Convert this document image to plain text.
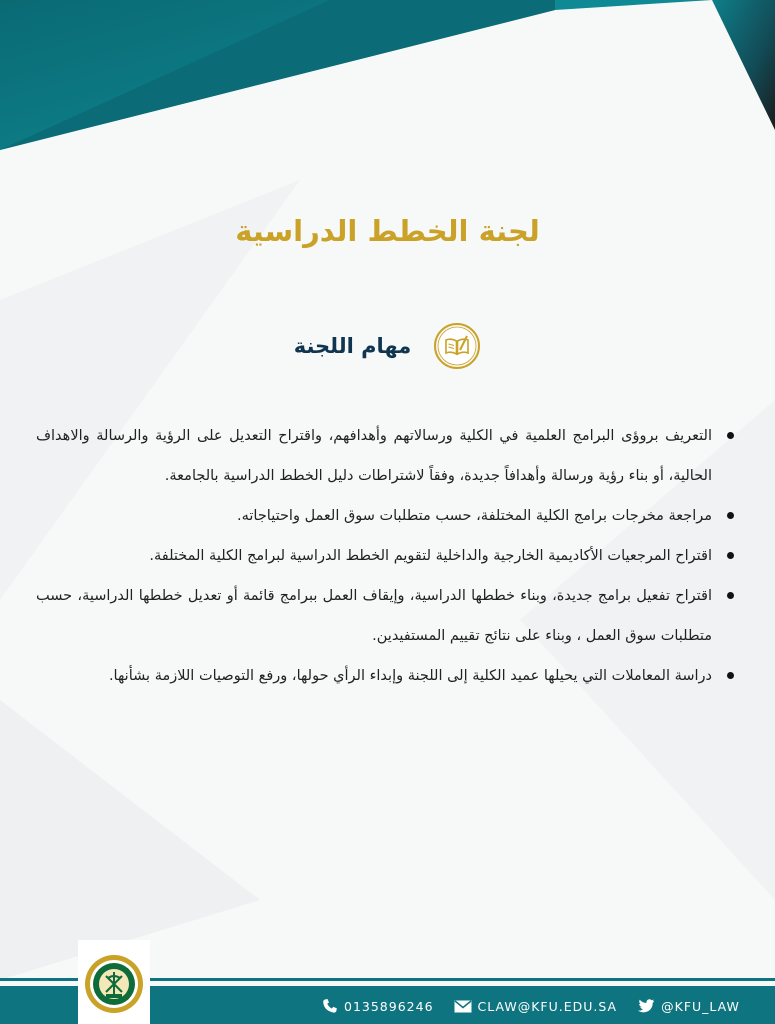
لجنة الخطط الدراسية
مهام اللجنة
التعريف بروؤى البرامج العلمية في الكلية ورسالاتهم وأهدافهم، واقتراح التعديل على الرؤية والرسالة والاهداف الحالية، أو بناء رؤية ورسالة وأهدافاً جديدة، وفقاً لاشتراطات دليل الخطط الدراسية بالجامعة.
مراجعة مخرجات برامج الكلية المختلفة، حسب متطلبات سوق العمل واحتياجاته.
اقتراح المرجعيات الأكاديمية الخارجية والداخلية لتقويم الخطط الدراسية لبرامج الكلية المختلفة.
اقتراح تفعيل برامج جديدة، وبناء خططها الدراسية، وإيقاف العمل ببرامج قائمة أو تعديل خططها الدراسية، حسب متطلبات سوق العمل ، وبناء على نتائج تقييم المستفيدين.
دراسة المعاملات التي يحيلها عميد الكلية إلى اللجنة وإبداء الرأي حولها، ورفع التوصيات اللازمة بشأنها.
0135896246	CLAW@KFU.EDU.SA	@KFU_LAW
